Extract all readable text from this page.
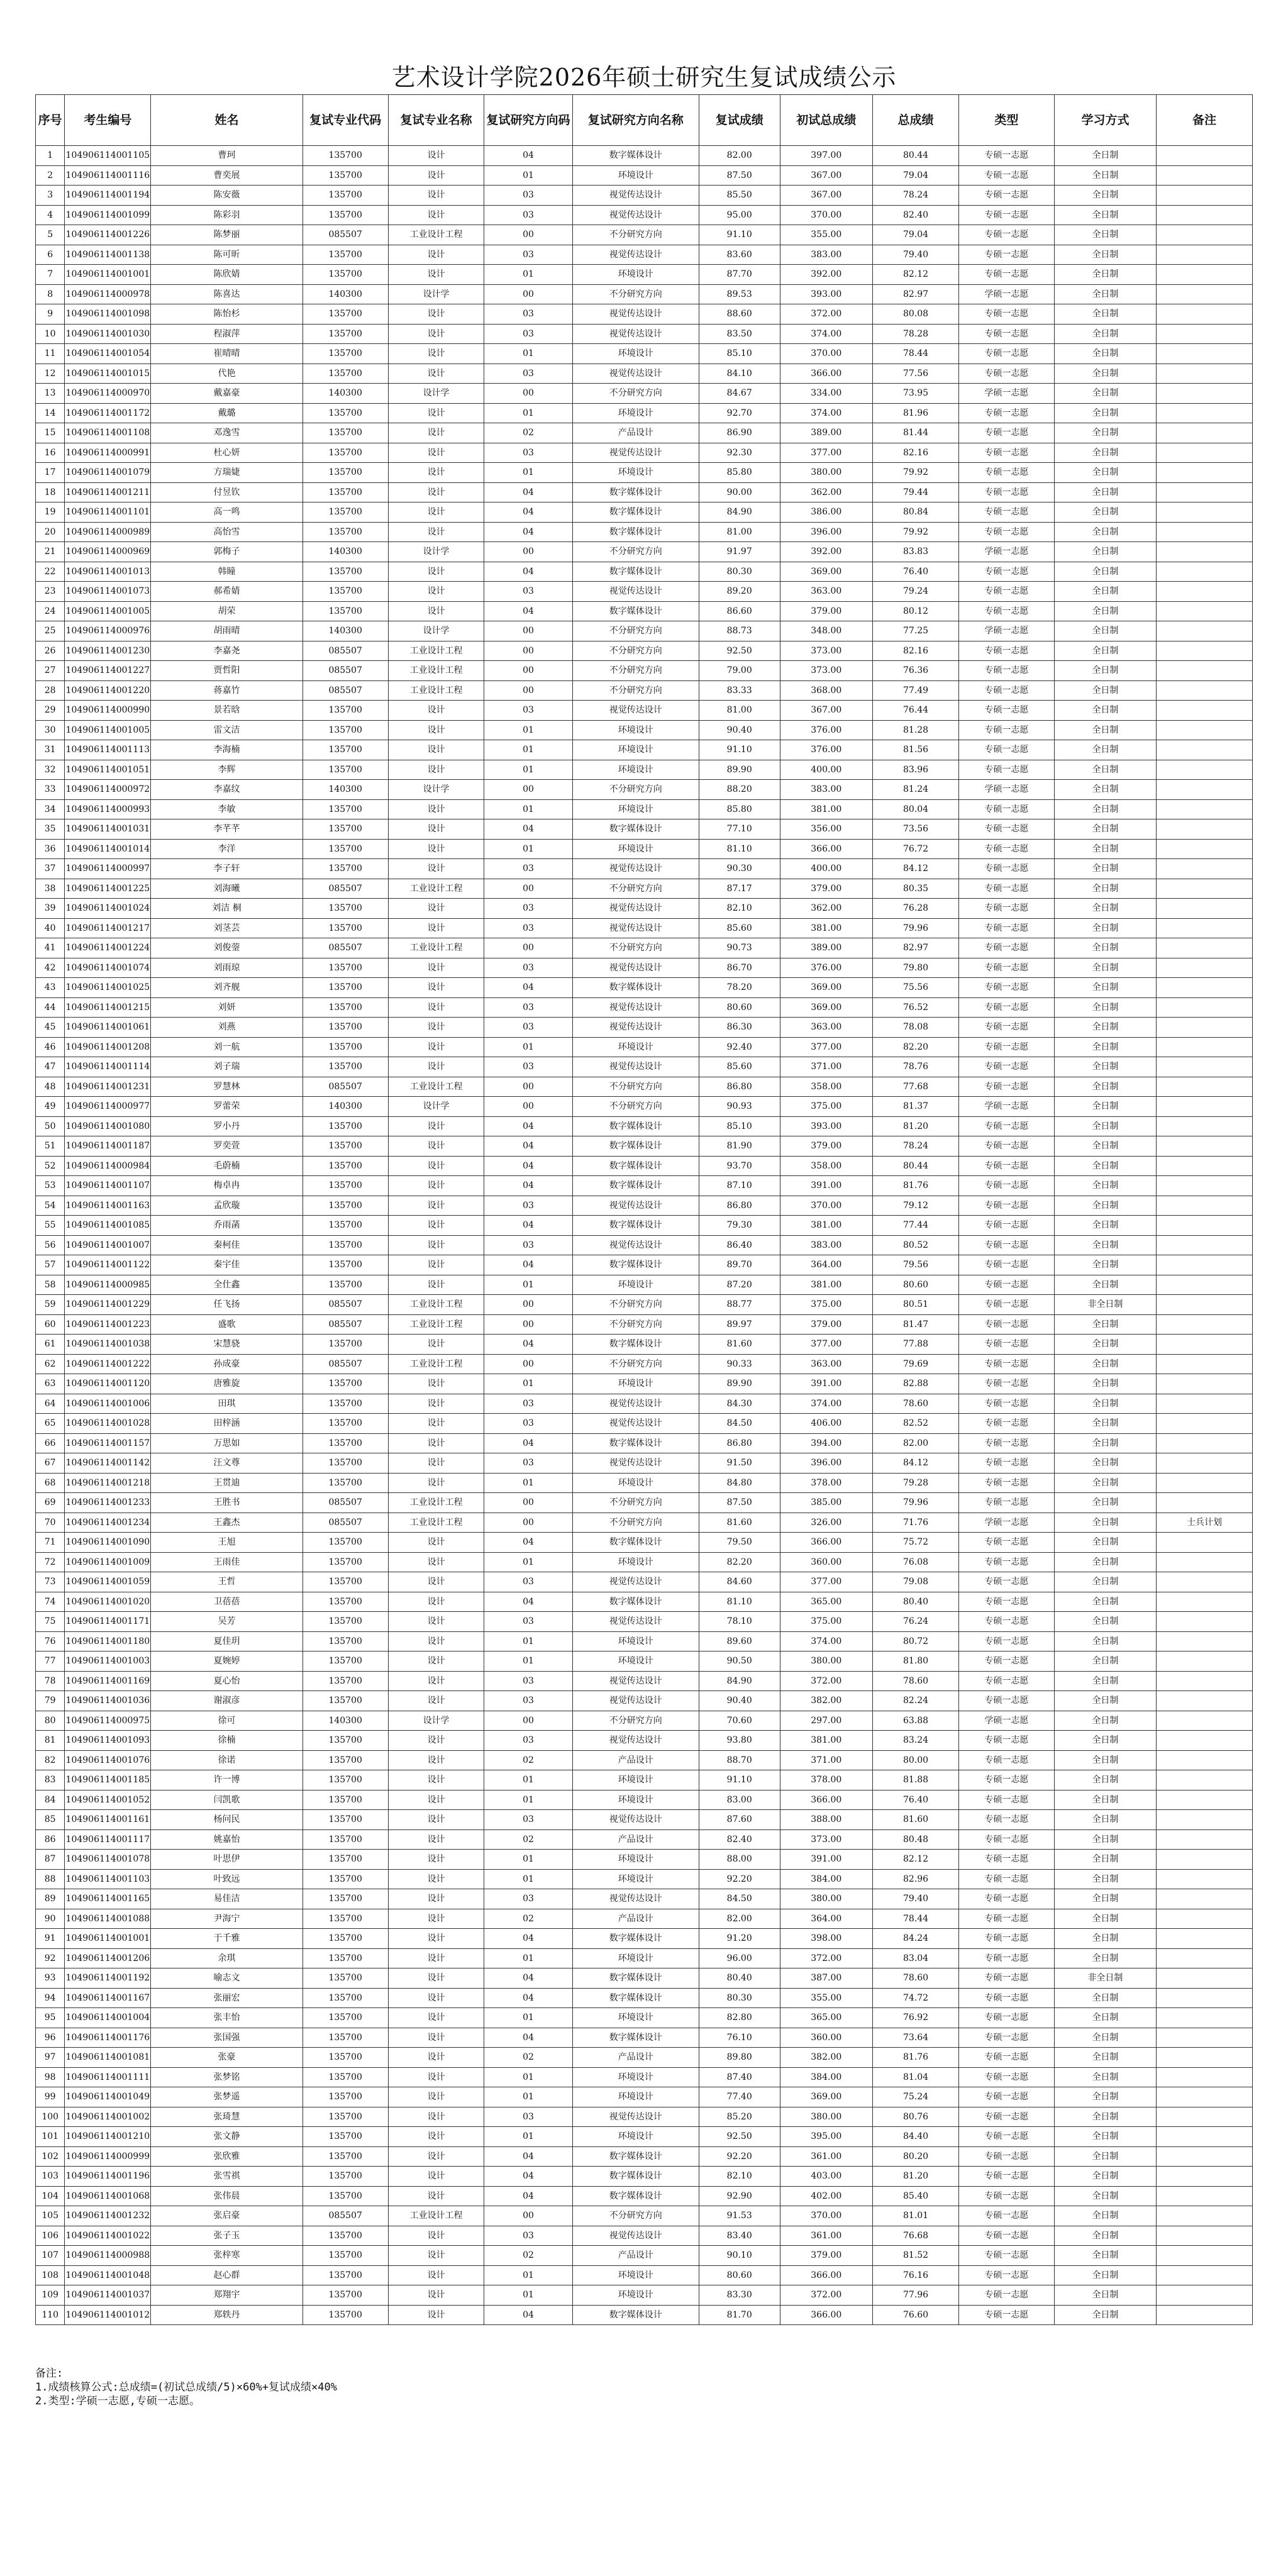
艺术设计学院2026年硕士研究生复试成绩公示
序号	考生编号	姓名	复试专业代码	复试专业名称	复试研究方向码	复试研究方向名称	复试成绩	初试总成绩	总成绩	类型	学习方式	备注
1	104906114001105	曹珂	135700	设计	04	数字媒体设计	82.00	397.00	80.44	专硕一志愿	全日制	
2	104906114001116	曹奕展	135700	设计	01	环境设计	87.50	367.00	79.04	专硕一志愿	全日制	
3	104906114001194	陈安薇	135700	设计	03	视觉传达设计	85.50	367.00	78.24	专硕一志愿	全日制	
4	104906114001099	陈彩羽	135700	设计	03	视觉传达设计	95.00	370.00	82.40	专硕一志愿	全日制	
5	104906114001226	陈梦丽	085507	工业设计工程	00	不分研究方向	91.10	355.00	79.04	专硕一志愿	全日制	
6	104906114001138	陈可昕	135700	设计	03	视觉传达设计	83.60	383.00	79.40	专硕一志愿	全日制	
7	104906114001001	陈欣婧	135700	设计	01	环境设计	87.70	392.00	82.12	专硕一志愿	全日制	
8	104906114000978	陈喜达	140300	设计学	00	不分研究方向	89.53	393.00	82.97	学硕一志愿	全日制	
9	104906114001098	陈怡杉	135700	设计	03	视觉传达设计	88.60	372.00	80.08	专硕一志愿	全日制	
10	104906114001030	程淑萍	135700	设计	03	视觉传达设计	83.50	374.00	78.28	专硕一志愿	全日制	
11	104906114001054	崔晴晴	135700	设计	01	环境设计	85.10	370.00	78.44	专硕一志愿	全日制	
12	104906114001015	代艳	135700	设计	03	视觉传达设计	84.10	366.00	77.56	专硕一志愿	全日制	
13	104906114000970	戴嘉豪	140300	设计学	00	不分研究方向	84.67	334.00	73.95	学硕一志愿	全日制	
14	104906114001172	戴璐	135700	设计	01	环境设计	92.70	374.00	81.96	专硕一志愿	全日制	
15	104906114001108	邓逸雪	135700	设计	02	产品设计	86.90	389.00	81.44	专硕一志愿	全日制	
16	104906114000991	杜心妍	135700	设计	03	视觉传达设计	92.30	377.00	82.16	专硕一志愿	全日制	
17	104906114001079	方瑞婕	135700	设计	01	环境设计	85.80	380.00	79.92	专硕一志愿	全日制	
18	104906114001211	付昱钦	135700	设计	04	数字媒体设计	90.00	362.00	79.44	专硕一志愿	全日制	
19	104906114001101	高一鸣	135700	设计	04	数字媒体设计	84.90	386.00	80.84	专硕一志愿	全日制	
20	104906114000989	高怡雪	135700	设计	04	数字媒体设计	81.00	396.00	79.92	专硕一志愿	全日制	
21	104906114000969	郭梅子	140300	设计学	00	不分研究方向	91.97	392.00	83.83	学硕一志愿	全日制	
22	104906114001013	韩瞳	135700	设计	04	数字媒体设计	80.30	369.00	76.40	专硕一志愿	全日制	
23	104906114001073	郝希婧	135700	设计	03	视觉传达设计	89.20	363.00	79.24	专硕一志愿	全日制	
24	104906114001005	胡荣	135700	设计	04	数字媒体设计	86.60	379.00	80.12	专硕一志愿	全日制	
25	104906114000976	胡雨晴	140300	设计学	00	不分研究方向	88.73	348.00	77.25	学硕一志愿	全日制	
26	104906114001230	李嘉尧	085507	工业设计工程	00	不分研究方向	92.50	373.00	82.16	专硕一志愿	全日制	
27	104906114001227	贾哲阳	085507	工业设计工程	00	不分研究方向	79.00	373.00	76.36	专硕一志愿	全日制	
28	104906114001220	蒋嘉竹	085507	工业设计工程	00	不分研究方向	83.33	368.00	77.49	专硕一志愿	全日制	
29	104906114000990	景若晗	135700	设计	03	视觉传达设计	81.00	367.00	76.44	专硕一志愿	全日制	
30	104906114001005	雷文洁	135700	设计	01	环境设计	90.40	376.00	81.28	专硕一志愿	全日制	
31	104906114001113	李海楠	135700	设计	01	环境设计	91.10	376.00	81.56	专硕一志愿	全日制	
32	104906114001051	李辉	135700	设计	01	环境设计	89.90	400.00	83.96	专硕一志愿	全日制	
33	104906114000972	李嘉纹	140300	设计学	00	不分研究方向	88.20	383.00	81.24	学硕一志愿	全日制	
34	104906114000993	李敏	135700	设计	01	环境设计	85.80	381.00	80.04	专硕一志愿	全日制	
35	104906114001031	李芊芊	135700	设计	04	数字媒体设计	77.10	356.00	73.56	专硕一志愿	全日制	
36	104906114001014	李洋	135700	设计	01	环境设计	81.10	366.00	76.72	专硕一志愿	全日制	
37	104906114000997	李子轩	135700	设计	03	视觉传达设计	90.30	400.00	84.12	专硕一志愿	全日制	
38	104906114001225	刘海曦	085507	工业设计工程	00	不分研究方向	87.17	379.00	80.35	专硕一志愿	全日制	
39	104906114001024	刘洁 桐	135700	设计	03	视觉传达设计	82.10	362.00	76.28	专硕一志愿	全日制	
40	104906114001217	刘茎芸	135700	设计	03	视觉传达设计	85.60	381.00	79.96	专硕一志愿	全日制	
41	104906114001224	刘俊蓥	085507	工业设计工程	00	不分研究方向	90.73	389.00	82.97	专硕一志愿	全日制	
42	104906114001074	刘雨琼	135700	设计	03	视觉传达设计	86.70	376.00	79.80	专硕一志愿	全日制	
43	104906114001025	刘齐舰	135700	设计	04	数字媒体设计	78.20	369.00	75.56	专硕一志愿	全日制	
44	104906114001215	刘妍	135700	设计	03	视觉传达设计	80.60	369.00	76.52	专硕一志愿	全日制	
45	104906114001061	刘燕	135700	设计	03	视觉传达设计	86.30	363.00	78.08	专硕一志愿	全日制	
46	104906114001208	刘一航	135700	设计	01	环境设计	92.40	377.00	82.20	专硕一志愿	全日制	
47	104906114001114	刘子瑞	135700	设计	03	视觉传达设计	85.60	371.00	78.76	专硕一志愿	全日制	
48	104906114001231	罗慧林	085507	工业设计工程	00	不分研究方向	86.80	358.00	77.68	专硕一志愿	全日制	
49	104906114000977	罗蕾荣	140300	设计学	00	不分研究方向	90.93	375.00	81.37	学硕一志愿	全日制	
50	104906114001080	罗小丹	135700	设计	04	数字媒体设计	85.10	393.00	81.20	专硕一志愿	全日制	
51	104906114001187	罗奕萱	135700	设计	04	数字媒体设计	81.90	379.00	78.24	专硕一志愿	全日制	
52	104906114000984	毛蔚楠	135700	设计	04	数字媒体设计	93.70	358.00	80.44	专硕一志愿	全日制	
53	104906114001107	梅卓冉	135700	设计	04	数字媒体设计	87.10	391.00	81.76	专硕一志愿	全日制	
54	104906114001163	孟欣璇	135700	设计	03	视觉传达设计	86.80	370.00	79.12	专硕一志愿	全日制	
55	104906114001085	乔雨菡	135700	设计	04	数字媒体设计	79.30	381.00	77.44	专硕一志愿	全日制	
56	104906114001007	秦柯佳	135700	设计	03	视觉传达设计	86.40	383.00	80.52	专硕一志愿	全日制	
57	104906114001122	秦宇佳	135700	设计	04	数字媒体设计	89.70	364.00	79.56	专硕一志愿	全日制	
58	104906114000985	全仕鑫	135700	设计	01	环境设计	87.20	381.00	80.60	专硕一志愿	全日制	
59	104906114001229	任飞扬	085507	工业设计工程	00	不分研究方向	88.77	375.00	80.51	专硕一志愿	非全日制	
60	104906114001223	盛歌	085507	工业设计工程	00	不分研究方向	89.97	379.00	81.47	专硕一志愿	全日制	
61	104906114001038	宋慧骁	135700	设计	04	数字媒体设计	81.60	377.00	77.88	专硕一志愿	全日制	
62	104906114001222	孙成豪	085507	工业设计工程	00	不分研究方向	90.33	363.00	79.69	专硕一志愿	全日制	
63	104906114001120	唐雅旋	135700	设计	01	环境设计	89.90	391.00	82.88	专硕一志愿	全日制	
64	104906114001006	田琪	135700	设计	03	视觉传达设计	84.30	374.00	78.60	专硕一志愿	全日制	
65	104906114001028	田梓涵	135700	设计	03	视觉传达设计	84.50	406.00	82.52	专硕一志愿	全日制	
66	104906114001157	万思如	135700	设计	04	数字媒体设计	86.80	394.00	82.00	专硕一志愿	全日制	
67	104906114001142	汪文尊	135700	设计	03	视觉传达设计	91.50	396.00	84.12	专硕一志愿	全日制	
68	104906114001218	王贯迪	135700	设计	01	环境设计	84.80	378.00	79.28	专硕一志愿	全日制	
69	104906114001233	王胜书	085507	工业设计工程	00	不分研究方向	87.50	385.00	79.96	专硕一志愿	全日制	
70	104906114001234	王鑫杰	085507	工业设计工程	00	不分研究方向	81.60	326.00	71.76	学硕一志愿	全日制	士兵计划
71	104906114001090	王旭	135700	设计	04	数字媒体设计	79.50	366.00	75.72	专硕一志愿	全日制	
72	104906114001009	王雨佳	135700	设计	01	环境设计	82.20	360.00	76.08	专硕一志愿	全日制	
73	104906114001059	王哲	135700	设计	03	视觉传达设计	84.60	377.00	79.08	专硕一志愿	全日制	
74	104906114001020	卫蓓蓓	135700	设计	04	数字媒体设计	81.10	365.00	80.40	专硕一志愿	全日制	
75	104906114001171	吴芳	135700	设计	03	视觉传达设计	78.10	375.00	76.24	专硕一志愿	全日制	
76	104906114001180	夏佳玥	135700	设计	01	环境设计	89.60	374.00	80.72	专硕一志愿	全日制	
77	104906114001003	夏婉婷	135700	设计	01	环境设计	90.50	380.00	81.80	专硕一志愿	全日制	
78	104906114001169	夏心怡	135700	设计	03	视觉传达设计	84.90	372.00	78.60	专硕一志愿	全日制	
79	104906114001036	谢淑彦	135700	设计	03	视觉传达设计	90.40	382.00	82.24	专硕一志愿	全日制	
80	104906114000975	徐可	140300	设计学	00	不分研究方向	70.60	297.00	63.88	学硕一志愿	全日制	
81	104906114001093	徐楠	135700	设计	03	视觉传达设计	93.80	381.00	83.24	专硕一志愿	全日制	
82	104906114001076	徐诺	135700	设计	02	产品设计	88.70	371.00	80.00	专硕一志愿	全日制	
83	104906114001185	许一博	135700	设计	01	环境设计	91.10	378.00	81.88	专硕一志愿	全日制	
84	104906114001052	闫凯歌	135700	设计	01	环境设计	83.00	366.00	76.40	专硕一志愿	全日制	
85	104906114001161	杨问民	135700	设计	03	视觉传达设计	87.60	388.00	81.60	专硕一志愿	全日制	
86	104906114001117	姚嘉怡	135700	设计	02	产品设计	82.40	373.00	80.48	专硕一志愿	全日制	
87	104906114001078	叶思伊	135700	设计	01	环境设计	88.00	391.00	82.12	专硕一志愿	全日制	
88	104906114001103	叶致远	135700	设计	01	环境设计	92.20	384.00	82.96	专硕一志愿	全日制	
89	104906114001165	易佳洁	135700	设计	03	视觉传达设计	84.50	380.00	79.40	专硕一志愿	全日制	
90	104906114001088	尹海宁	135700	设计	02	产品设计	82.00	364.00	78.44	专硕一志愿	全日制	
91	104906114001001	于千雅	135700	设计	04	数字媒体设计	91.20	398.00	84.24	专硕一志愿	全日制	
92	104906114001206	余琪	135700	设计	01	环境设计	96.00	372.00	83.04	专硕一志愿	全日制	
93	104906114001192	喻志文	135700	设计	04	数字媒体设计	80.40	387.00	78.60	专硕一志愿	非全日制	
94	104906114001167	张丽宏	135700	设计	04	数字媒体设计	80.30	355.00	74.72	专硕一志愿	全日制	
95	104906114001004	张丰怡	135700	设计	01	环境设计	82.80	365.00	76.92	专硕一志愿	全日制	
96	104906114001176	张国强	135700	设计	04	数字媒体设计	76.10	360.00	73.64	专硕一志愿	全日制	
97	104906114001081	张豪	135700	设计	02	产品设计	89.80	382.00	81.76	专硕一志愿	全日制	
98	104906114001111	张梦铭	135700	设计	01	环境设计	87.40	384.00	81.04	专硕一志愿	全日制	
99	104906114001049	张梦遥	135700	设计	01	环境设计	77.40	369.00	75.24	专硕一志愿	全日制	
100	104906114001002	张琦慧	135700	设计	03	视觉传达设计	85.20	380.00	80.76	专硕一志愿	全日制	
101	104906114001210	张文静	135700	设计	01	环境设计	92.50	395.00	84.40	专硕一志愿	全日制	
102	104906114000999	张欣雅	135700	设计	04	数字媒体设计	92.20	361.00	80.20	专硕一志愿	全日制	
103	104906114001196	张雪祺	135700	设计	04	数字媒体设计	82.10	403.00	81.20	专硕一志愿	全日制	
104	104906114001068	张伟晨	135700	设计	04	数字媒体设计	92.90	402.00	85.40	专硕一志愿	全日制	
105	104906114001232	张启豪	085507	工业设计工程	00	不分研究方向	91.53	370.00	81.01	专硕一志愿	全日制	
106	104906114001022	张子玉	135700	设计	03	视觉传达设计	83.40	361.00	76.68	专硕一志愿	全日制	
107	104906114000988	张梓寒	135700	设计	02	产品设计	90.10	379.00	81.52	专硕一志愿	全日制	
108	104906114001048	赵心群	135700	设计	01	环境设计	80.60	366.00	76.16	专硕一志愿	全日制	
109	104906114001037	郑翔宇	135700	设计	01	环境设计	83.30	372.00	77.96	专硕一志愿	全日制	
110	104906114001012	郑轶丹	135700	设计	04	数字媒体设计	81.70	366.00	76.60	专硕一志愿	全日制	
备注:
1.成绩核算公式:总成绩=(初试总成绩/5)×60%+复试成绩×40%
2.类型:学硕一志愿,专硕一志愿。
